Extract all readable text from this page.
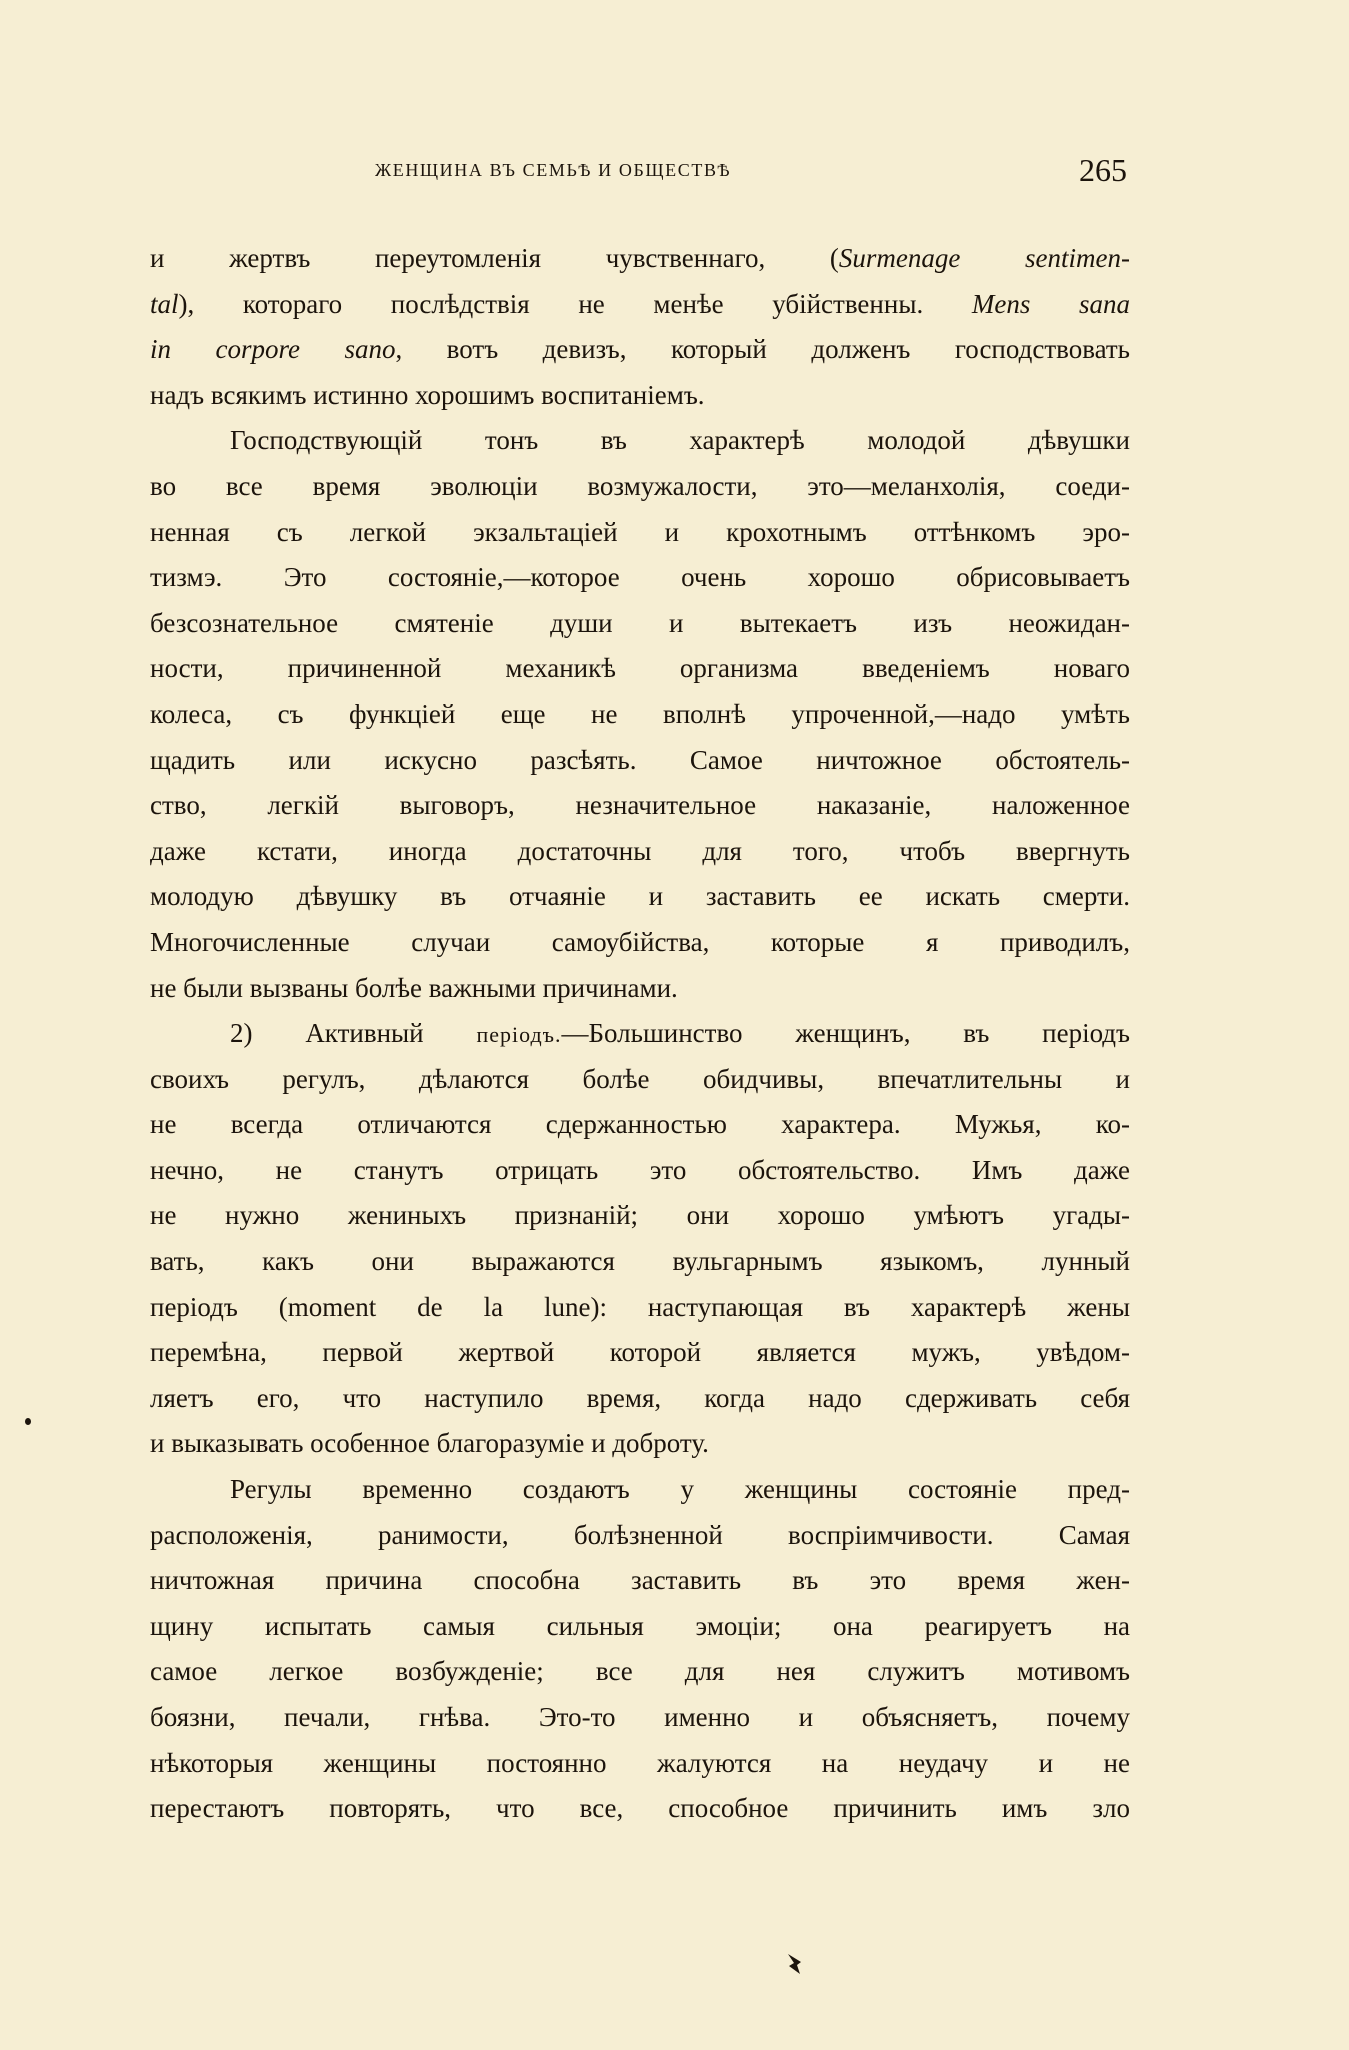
ЖЕНЩИНА ВЪ СЕМЬѢ И ОБЩЕСТВѢ	265
и жертвъ переутомленія чувственнаго, (Surmenage sentimen-
tal), котораго послѣдствія не менѣе убійственны. Mens sana
in corpore sano, вотъ девизъ, который долженъ господствовать
надъ всякимъ истинно хорошимъ воспитаніемъ.
Господствующій тонъ въ характерѣ молодой дѣвушки
во все время эволюціи возмужалости, это—меланхолія, соеди-
ненная съ легкой экзальтаціей и крохотнымъ оттѣнкомъ эро-
тизмэ. Это состояніе,—которое очень хорошо обрисовываетъ
безсознательное смятеніе души и вытекаетъ изъ неожидан-
ности, причиненной механикѣ организма введеніемъ новаго
колеса, съ функціей еще не вполнѣ упроченной,—надо умѣть
щадить или искусно разсѣять. Самое ничтожное обстоятель-
ство, легкій выговоръ, незначительное наказаніе, наложенное
даже кстати, иногда достаточны для того, чтобъ ввергнуть
молодую дѣвушку въ отчаяніе и заставить ее искать смерти.
Многочисленные случаи самоубійства, которые я приводилъ,
не были вызваны болѣе важными причинами.
2) Активный періодъ.—Большинство женщинъ, въ періодъ
своихъ регулъ, дѣлаются болѣе обидчивы, впечатлительны и
не всегда отличаются сдержанностью характера. Мужья, ко-
нечно, не станутъ отрицать это обстоятельство. Имъ даже
не нужно жениныхъ признаній; они хорошо умѣютъ угады-
вать, какъ они выражаются вульгарнымъ языкомъ, лунный
періодъ (moment de la lune): наступающая въ характерѣ жены
перемѣна, первой жертвой которой является мужъ, увѣдом-
ляетъ его, что наступило время, когда надо сдерживать себя
и выказывать особенное благоразуміе и доброту.
Регулы временно создаютъ у женщины состояніе пред-
расположенія, ранимости, болѣзненной воспріимчивости. Самая
ничтожная причина способна заставить въ это время жен-
щину испытать самыя сильныя эмоціи; она реагируетъ на
самое легкое возбужденіе; все для нея служитъ мотивомъ
боязни, печали, гнѣва. Это-то именно и объясняетъ, почему
нѣкоторыя женщины постоянно жалуются на неудачу и не
перестаютъ повторять, что все, способное причинить имъ зло
